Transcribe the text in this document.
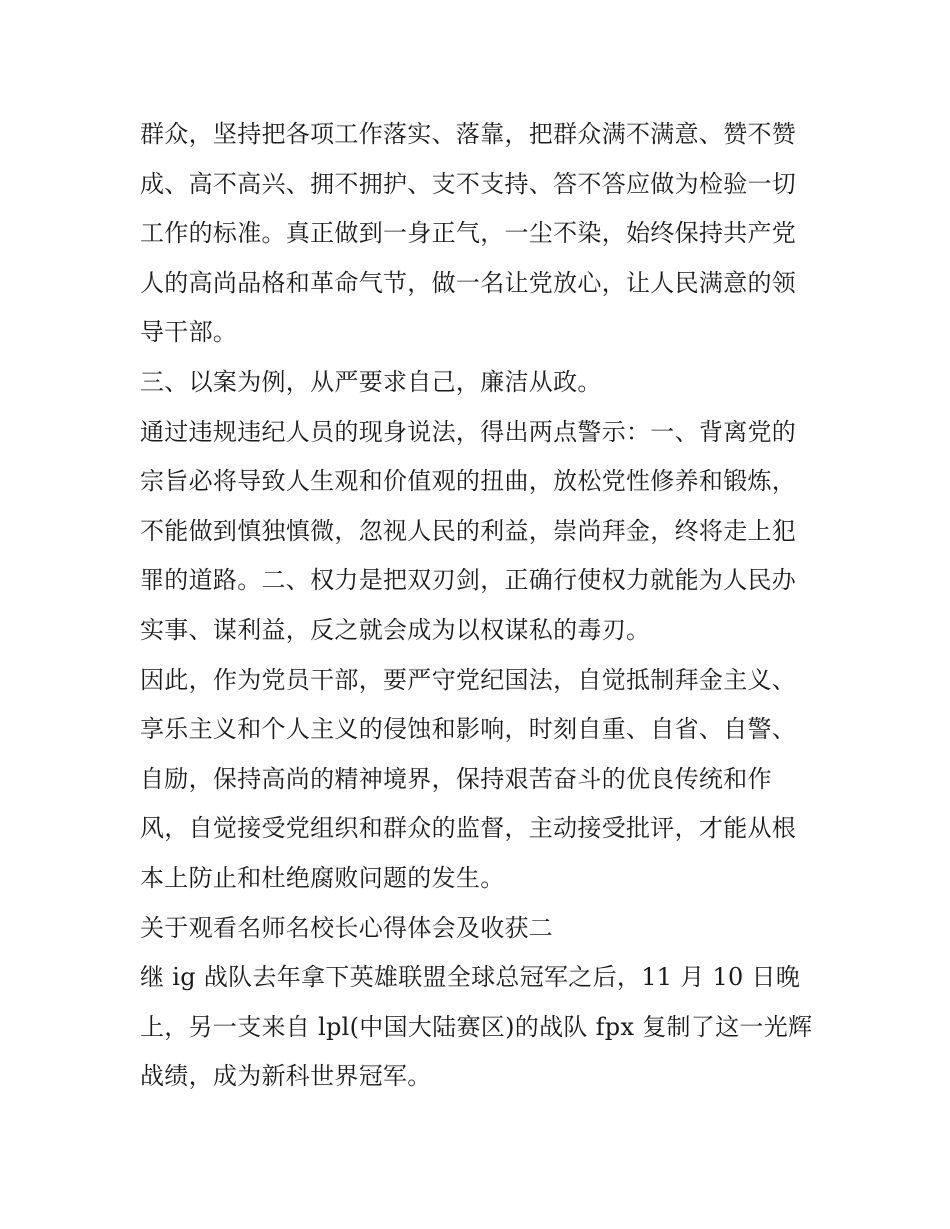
群众，坚持把各项工作落实、落靠，把群众满不满意、赞不赞
成、高不高兴、拥不拥护、支不支持、答不答应做为检验一切
工作的标准。真正做到一身正气，一尘不染，始终保持共产党
人的高尚品格和革命气节，做一名让党放心，让人民满意的领
导干部。
三、以案为例，从严要求自己，廉洁从政。
通过违规违纪人员的现身说法，得出两点警示：一、背离党的
宗旨必将导致人生观和价值观的扭曲，放松党性修养和锻炼，
不能做到慎独慎微，忽视人民的利益，崇尚拜金，终将走上犯
罪的道路。二、权力是把双刃剑，正确行使权力就能为人民办
实事、谋利益，反之就会成为以权谋私的毒刃。
因此，作为党员干部，要严守党纪国法，自觉抵制拜金主义、
享乐主义和个人主义的侵蚀和影响，时刻自重、自省、自警、
自励，保持高尚的精神境界，保持艰苦奋斗的优良传统和作
风，自觉接受党组织和群众的监督，主动接受批评，才能从根
本上防止和杜绝腐败问题的发生。
关于观看名师名校长心得体会及收获二
继 ig 战队去年拿下英雄联盟全球总冠军之后，11 月 10 日晚
上，另一支来自 lpl(中国大陆赛区)的战队 fpx 复制了这一光辉
战绩，成为新科世界冠军。
